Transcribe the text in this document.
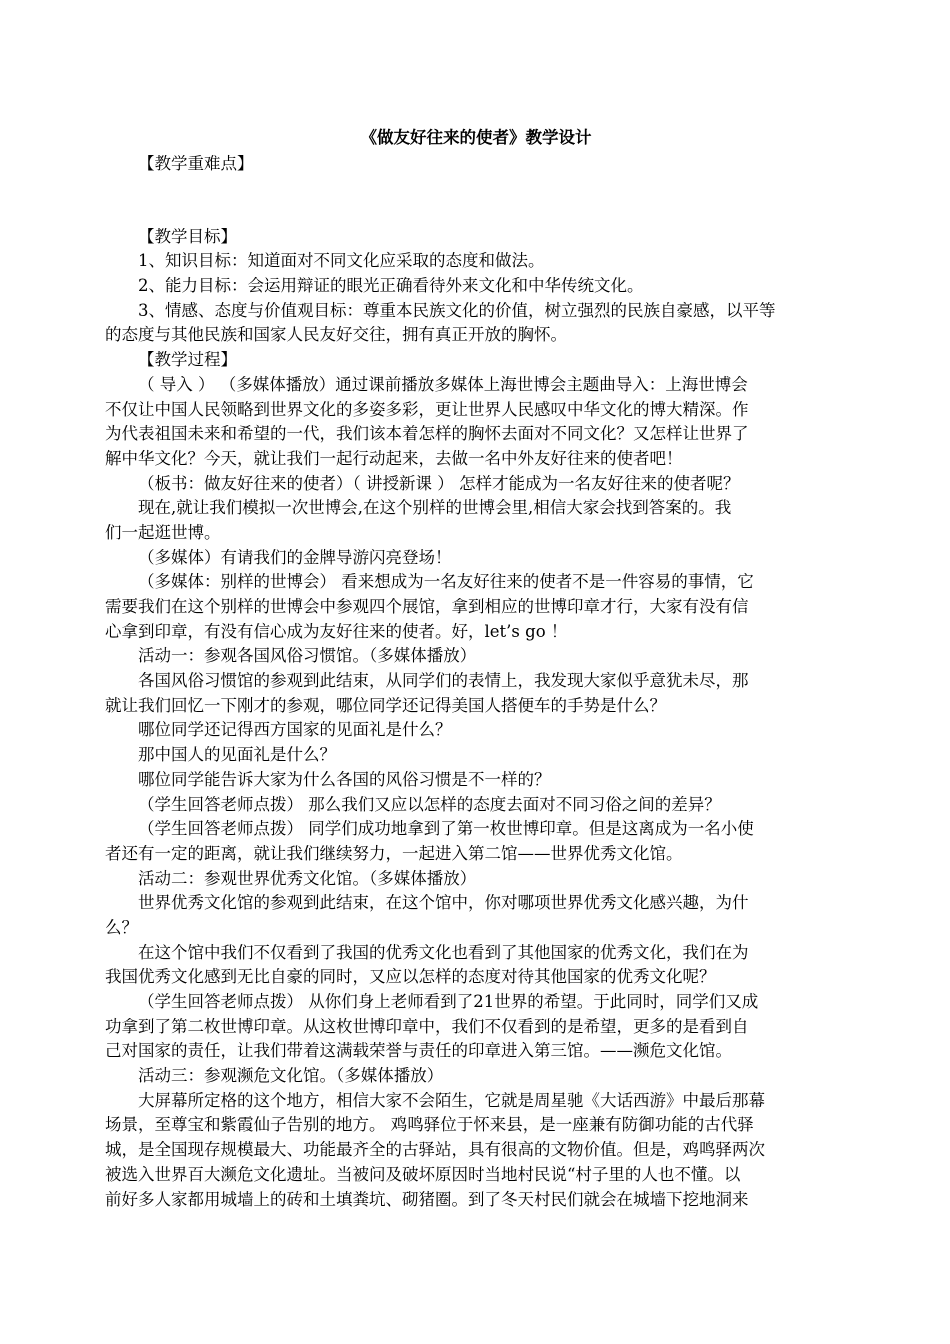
《做友好往来的使者》教学设计
【教学重难点】
【教学目标】
1、知识目标：知道面对不同文化应采取的态度和做法。
2、能力目标：会运用辩证的眼光正确看待外来文化和中华传统文化。
3、情感、态度与价值观目标：尊重本民族文化的价值，树立强烈的民族自豪感，以平等
的态度与其他民族和国家人民友好交往，拥有真正开放的胸怀。
【教学过程】
（ 导入 ） （多媒体播放）通过课前播放多媒体上海世博会主题曲导入：上海世博会
不仅让中国人民领略到世界文化的多姿多彩，更让世界人民感叹中华文化的博大精深。作
为代表祖国未来和希望的一代，我们该本着怎样的胸怀去面对不同文化？又怎样让世界了
解中华文化？今天，就让我们一起行动起来，去做一名中外友好往来的使者吧！
（板书：做友好往来的使者）（ 讲授新课 ） 怎样才能成为一名友好往来的使者呢？
现在,就让我们模拟一次世博会,在这个别样的世博会里,相信大家会找到答案的。我
们一起逛世博。
（多媒体）有请我们的金牌导游闪亮登场！
（多媒体：别样的世博会） 看来想成为一名友好往来的使者不是一件容易的事情，它
需要我们在这个别样的世博会中参观四个展馆，拿到相应的世博印章才行，大家有没有信
心拿到印章，有没有信心成为友好往来的使者。好，let’s go ！
活动一：参观各国风俗习惯馆。（多媒体播放）
各国风俗习惯馆的参观到此结束，从同学们的表情上，我发现大家似乎意犹未尽，那
就让我们回忆一下刚才的参观，哪位同学还记得美国人搭便车的手势是什么？
哪位同学还记得西方国家的见面礼是什么？
那中国人的见面礼是什么？
哪位同学能告诉大家为什么各国的风俗习惯是不一样的？
（学生回答老师点拨） 那么我们又应以怎样的态度去面对不同习俗之间的差异？
（学生回答老师点拨） 同学们成功地拿到了第一枚世博印章。但是这离成为一名小使
者还有一定的距离，就让我们继续努力，一起进入第二馆——世界优秀文化馆。
活动二：参观世界优秀文化馆。（多媒体播放）
世界优秀文化馆的参观到此结束，在这个馆中，你对哪项世界优秀文化感兴趣，为什
么？
在这个馆中我们不仅看到了我国的优秀文化也看到了其他国家的优秀文化，我们在为
我国优秀文化感到无比自豪的同时，又应以怎样的态度对待其他国家的优秀文化呢？
（学生回答老师点拨） 从你们身上老师看到了21世界的希望。于此同时，同学们又成
功拿到了第二枚世博印章。从这枚世博印章中，我们不仅看到的是希望，更多的是看到自
己对国家的责任，让我们带着这满载荣誉与责任的印章进入第三馆。——濒危文化馆。
活动三：参观濒危文化馆。（多媒体播放）
大屏幕所定格的这个地方，相信大家不会陌生，它就是周星驰《大话西游》中最后那幕
场景，至尊宝和紫霞仙子告别的地方。 鸡鸣驿位于怀来县，是一座兼有防御功能的古代驿
城，是全国现存规模最大、功能最齐全的古驿站，具有很高的文物价值。但是，鸡鸣驿两次
被选入世界百大濒危文化遗址。当被问及破坏原因时当地村民说“村子里的人也不懂。以
前好多人家都用城墙上的砖和土填粪坑、砌猪圈。到了冬天村民们就会在城墙下挖地洞来
